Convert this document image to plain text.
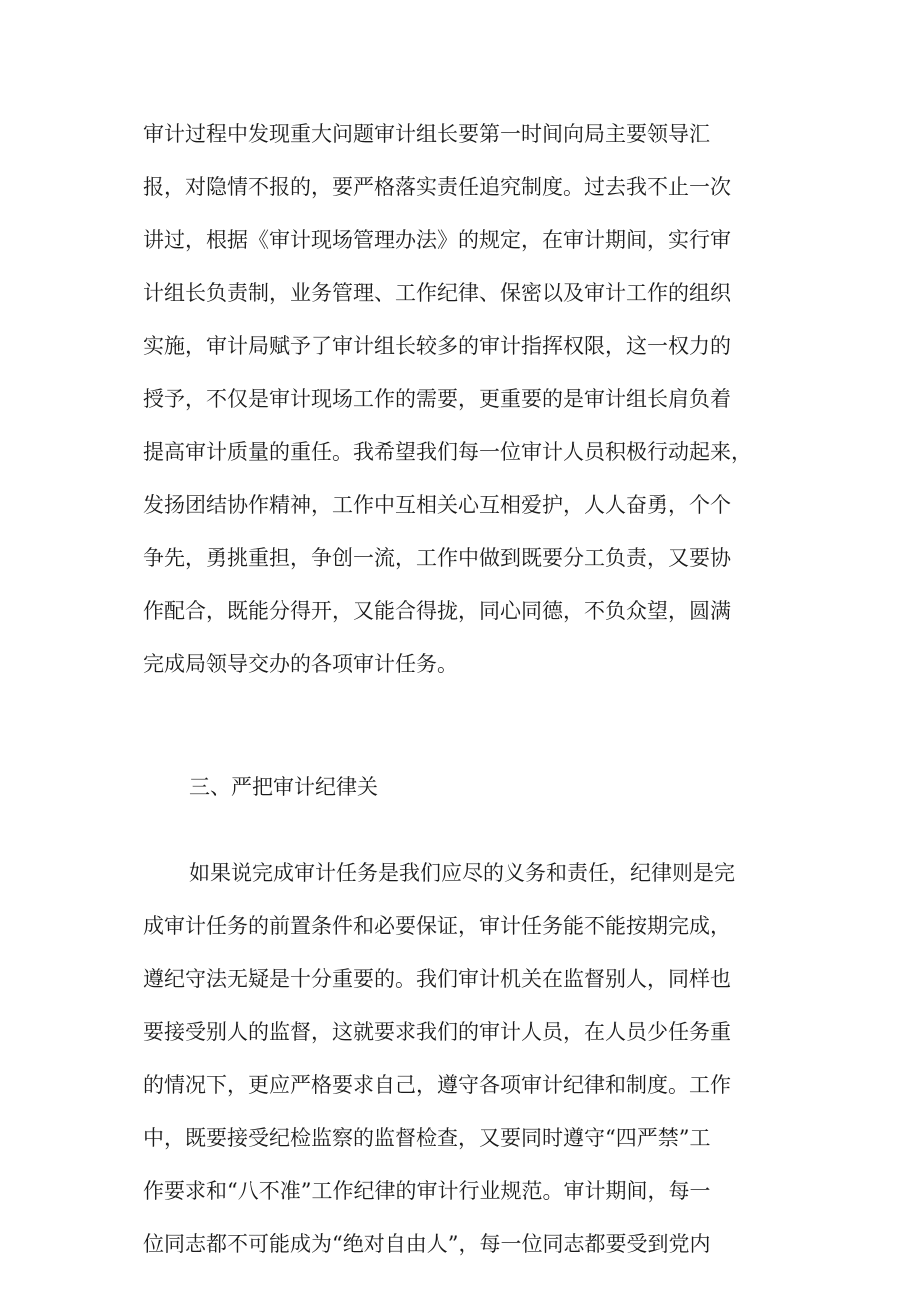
审计过程中发现重大问题审计组长要第一时间向局主要领导汇
报，对隐情不报的，要严格落实责任追究制度。过去我不止一次
讲过，根据《审计现场管理办法》的规定，在审计期间，实行审
计组长负责制，业务管理、工作纪律、保密以及审计工作的组织
实施，审计局赋予了审计组长较多的审计指挥权限，这一权力的
授予，不仅是审计现场工作的需要，更重要的是审计组长肩负着
提高审计质量的重任。我希望我们每一位审计人员积极行动起来，
发扬团结协作精神，工作中互相关心互相爱护，人人奋勇，个个
争先，勇挑重担，争创一流，工作中做到既要分工负责，又要协
作配合，既能分得开，又能合得拢，同心同德，不负众望，圆满
完成局领导交办的各项审计任务。
三、严把审计纪律关
如果说完成审计任务是我们应尽的义务和责任，纪律则是完
成审计任务的前置条件和必要保证，审计任务能不能按期完成，
遵纪守法无疑是十分重要的。我们审计机关在监督别人，同样也
要接受别人的监督，这就要求我们的审计人员，在人员少任务重
的情况下，更应严格要求自己，遵守各项审计纪律和制度。工作
中，既要接受纪检监察的监督检查，又要同时遵守“四严禁”工
作要求和“八不准”工作纪律的审计行业规范。审计期间，每一
位同志都不可能成为“绝对自由人”，每一位同志都要受到党内
